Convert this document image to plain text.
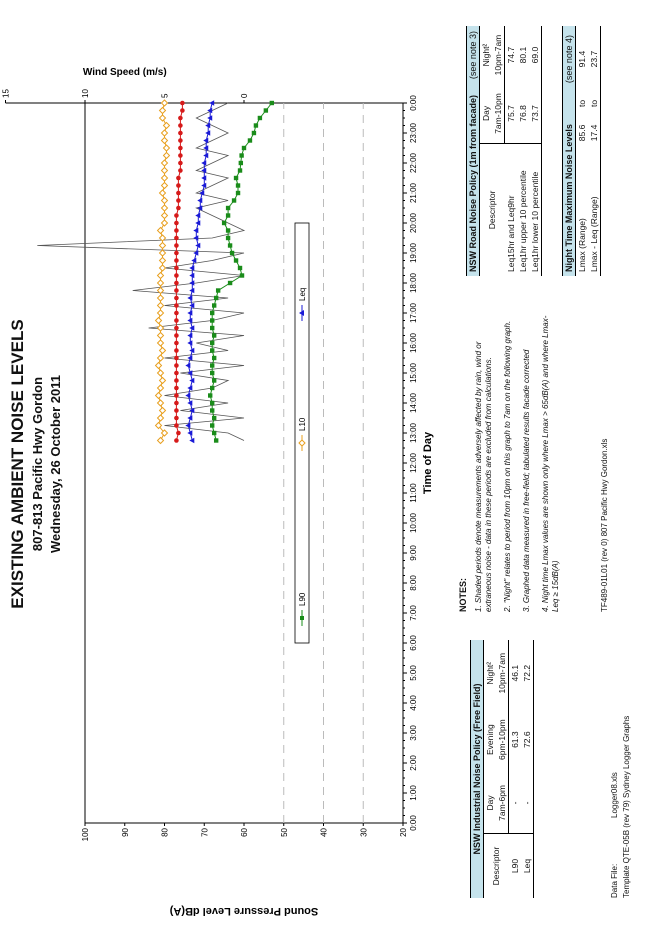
EXISTING AMBIENT NOISE LEVELS 807-813 Pacific Hwy Gordon Wednesday, 26 October 2011
20
30
40
50
60
70
80
90
100
0:00
1:00
2:00
3:00
4:00
5:00
6:00
7:00
8:00
9:00
10:00
11:00
12:00
13:00
14:00
15:00
16:00
17:00
18:00
19:00
20:00
21:00
22:00
23:00
0:00
0
5
10
15
Time of Day
Sound Pressure Level dB(A)
Wind Speed (m/s)
L90
L10
Leq
NSW Industrial Noise Policy (Free Field)			
Descriptor	Day	Evening	Night²
	7am-6pm	6pm-10pm	10pm-7am
L90	-	61.3	46.1
Leq	-	72.6	72.2
NOTES: 1. Shaded periods denote measurements adversely affected by rain, wind or extraneous noise - data in these periods are excluded from calculations. 2. "Night" relates to period from 10pm on this graph to 7am on the following graph. 3. Graphed data measured in free-field; tabulated results facade corrected 4. Night time Lmax values are shown only where Lmax > 65dB(A) and where Lmax-Leq ≥ 15dB(A)

NSW Road Noise Policy (1m from facade)		(see note 3)
Descriptor	Day	Night²
	7am-10pm	10pm-7am
Leq15hr and Leq9hr	75.7	74.7
Leq1hr upper 10 percentile	76.8	80.1
Leq1hr lower 10 percentile	73.7	69.0
Night Time Maximum Noise Levels			(see note 4)
Lmax (Range)	85.6	to	91.4
Lmax - Leq (Range)	17.4	to	23.7
Data File:
Logger08.xls Template QTE-05B (rev 79) Sydney Logger Graphs
TF489-01L01 (rev 0) 807 Pacific Hwy Gordon.xls
